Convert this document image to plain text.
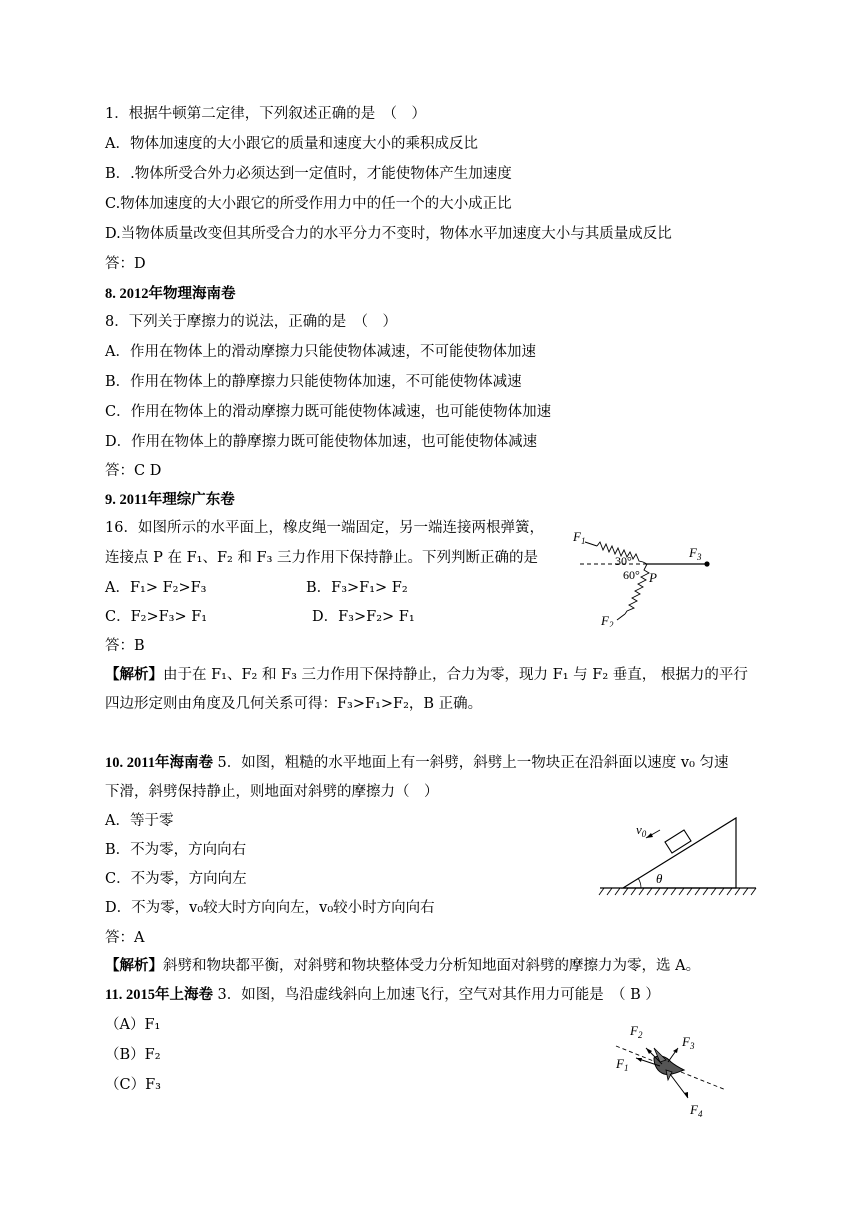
1．根据牛顿第二定律，下列叙述正确的是　（　）
A．物体加速度的大小跟它的质量和速度大小的乘积成反比
B．.物体所受合外力必须达到一定值时，才能使物体产生加速度
C.物体加速度的大小跟它的所受作用力中的任一个的大小成正比
D.当物体质量改变但其所受合力的水平分力不变时，物体水平加速度大小与其质量成反比
答：D
8. 2012年物理海南卷
8．下列关于摩擦力的说法，正确的是　（　）
A．作用在物体上的滑动摩擦力只能使物体减速，不可能使物体加速
B．作用在物体上的静摩擦力只能使物体加速，不可能使物体减速
C．作用在物体上的滑动摩擦力既可能使物体减速，也可能使物体加速
D．作用在物体上的静摩擦力既可能使物体加速，也可能使物体减速
答：C D
9. 2011年理综广东卷
16．如图所示的水平面上，橡皮绳一端固定，另一端连接两根弹簧，
连接点 P 在 F₁、F₂ 和 F₃ 三力作用下保持静止。下列判断正确的是
A．F₁> F₂>F₃	B．F₃>F₁> F₂
C．F₂>F₃> F₁	D．F₃>F₂> F₁
答：B
【解析】由于在 F₁、F₂ 和 F₃ 三力作用下保持静止，合力为零，现力 F₁ 与 F₂ 垂直， 根据力的平行
四边形定则由角度及几何关系可得：F₃>F₁>F₂，B 正确。
$F_1$
$F_2$
$F_3$
P
30°
60°
10. 2011年海南卷 5．如图，粗糙的水平地面上有一斜劈，斜劈上一物块正在沿斜面以速度 v₀ 匀速
下滑，斜劈保持静止，则地面对斜劈的摩擦力（　）
A．等于零
B．不为零，方向向右
C．不为零，方向向左
D．不为零，v₀较大时方向向左，v₀较小时方向向右
答：A
【解析】斜劈和物块都平衡，对斜劈和物块整体受力分析知地面对斜劈的摩擦力为零，选 A。
$v_0$
θ
11. 2015年上海卷 3．如图，鸟沿虚线斜向上加速飞行，空气对其作用力可能是　（ B ）
（A）F₁
（B）F₂
（C）F₃
$F_2$	$F_3$
$F_1$
$F_4$
